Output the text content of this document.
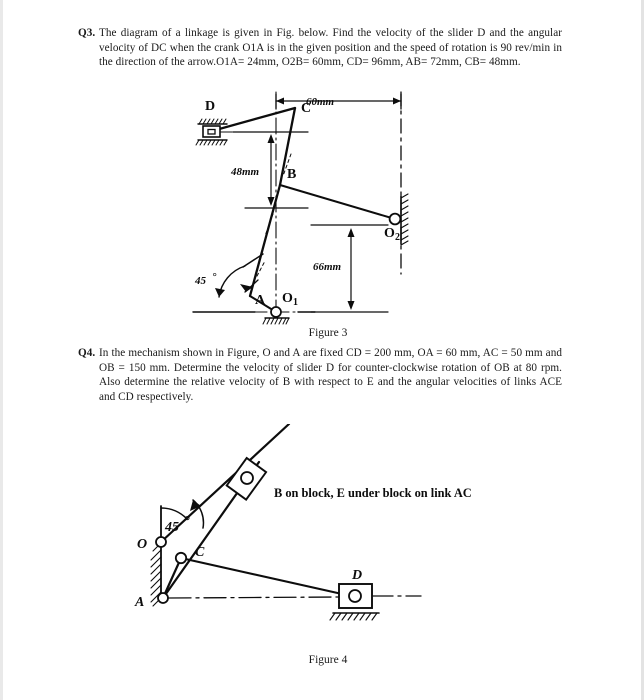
Q3. The diagram of a linkage is given in Fig. below. Find the velocity of the slider D and the angular velocity of DC when the crank O1A is in the given position and the speed of rotation is 90 rev/min in the direction of the arrow.O1A= 24mm, O2B= 60mm, CD= 96mm, AB= 72mm, CB= 48mm.
D	C
B
A O 1
O 2
60mm
48mm
66mm
45 °
Figure 3
Q4. In the mechanism shown in Figure, O and A are fixed CD = 200 mm, OA = 60 mm, AC = 50 mm and OB = 150 mm. Determine the velocity of slider D for counter-clockwise rotation of OB at 80 rpm. Also determine the relative velocity of B with respect to E and the angular velocities of links ACE and CD respectively.
O
A
C
D
45 °
B on block, E under block on link AC
Figure 4
